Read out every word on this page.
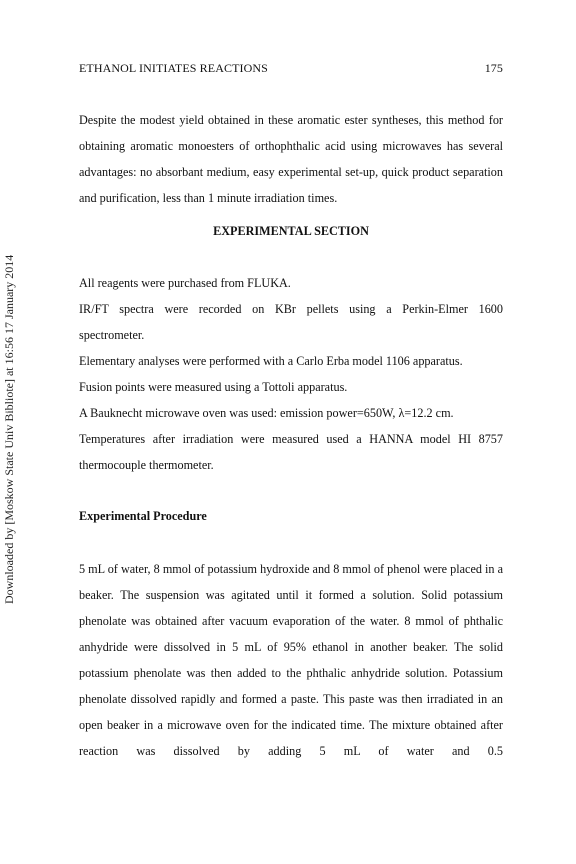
ETHANOL INITIATES REACTIONS	175

Despite the modest yield obtained in these aromatic ester syntheses, this method for obtaining aromatic monoesters of orthophthalic acid using microwaves has several advantages: no absorbant medium, easy experimental set-up, quick product separation and purification, less than 1 minute irradiation times.

EXPERIMENTAL SECTION
All reagents were purchased from FLUKA.
IR/FT spectra were recorded on KBr pellets using a Perkin-Elmer 1600
spectrometer.
Elementary analyses were performed with a Carlo Erba model 1106 apparatus.
Fusion points were measured using a Tottoli apparatus.
A Bauknecht microwave oven was used: emission power=650W, λ=12.2 cm.
Temperatures after irradiation were measured used a HANNA model HI 8757
thermocouple thermometer.
Experimental Procedure

5 mL of water, 8 mmol of potassium hydroxide and 8 mmol of phenol were placed in a beaker. The suspension was agitated until it formed a solution. Solid potassium phenolate was obtained after vacuum evaporation of the water. 8 mmol of phthalic anhydride were dissolved in 5 mL of 95% ethanol in another beaker. The solid potassium phenolate was then added to the phthalic anhydride solution. Potassium phenolate dissolved rapidly and formed a paste. This paste was then irradiated in an open beaker in a microwave oven for the indicated time. The mixture obtained after reaction was dissolved by adding 5 mL of water and 0.5

Downloaded by [Moskow State Univ Bibliote] at 16:56 17 January 2014
